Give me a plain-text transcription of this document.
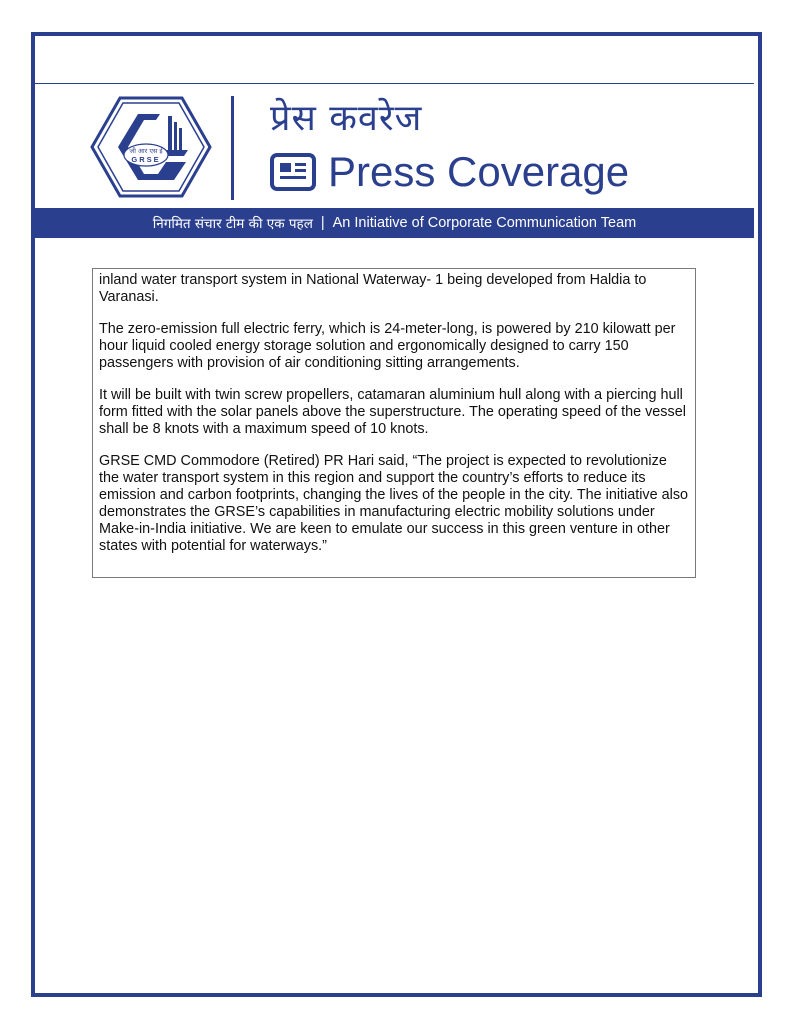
जी आर एस ई
GRSE
प्रेस कवरेज
Press Coverage
निगमित संचार टीम की एक पहल | An Initiative of Corporate Communication Team

inland water transport system in National Waterway- 1 being developed from Haldia to Varanasi.

The zero-emission full electric ferry, which is 24-meter-long, is powered by 210 kilowatt per hour liquid cooled energy storage solution and ergonomically designed to carry 150 passengers with provision of air conditioning sitting arrangements.

It will be built with twin screw propellers, catamaran aluminium hull along with a piercing hull form fitted with the solar panels above the superstructure. The operating speed of the vessel shall be 8 knots with a maximum speed of 10 knots.

GRSE CMD Commodore (Retired) PR Hari said, “The project is expected to revolutionize the water transport system in this region and support the country’s efforts to reduce its emission and carbon footprints, changing the lives of the people in the city. The initiative also demonstrates the GRSE’s capabilities in manufacturing electric mobility solutions under Make-in-India initiative. We are keen to emulate our success in this green venture in other states with potential for waterways.”
